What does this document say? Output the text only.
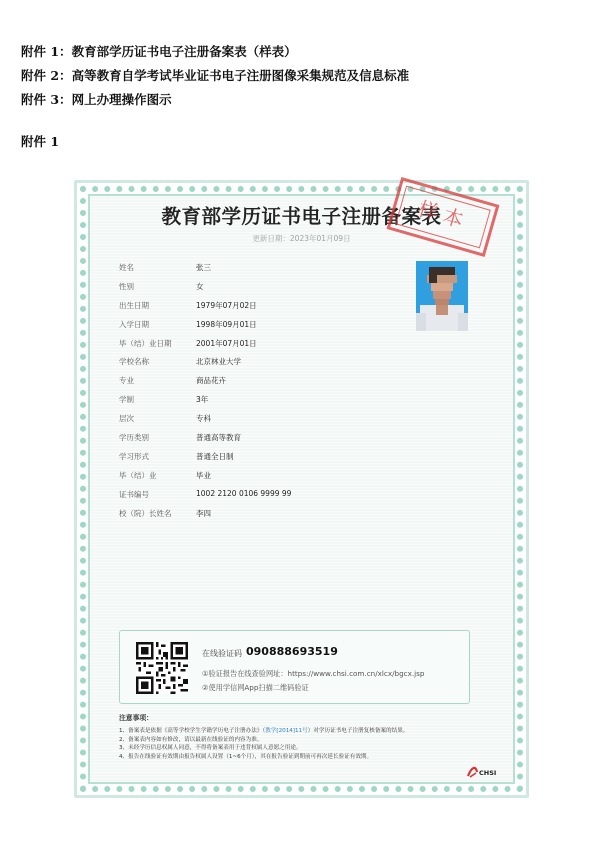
附件 1：教育部学历证书电子注册备案表（样表）
附件 2：高等教育自学考试毕业证书电子注册图像采集规范及信息标准
附件 3：网上办理操作图示
附件 1
教育部学历证书电子注册备案表
样本
更新日期：2023年01月09日
姓名	张三
性别	女
出生日期	1979年07月02日
入学日期	1998年09月01日
毕（结）业日期	2001年07月01日
学校名称	北京林业大学
专业	商品花卉
学制	3年
层次	专科
学历类别	普通高等教育
学习形式	普通全日制
毕（结）业	毕业
证书编号	1002 2120 0106 9999 99
校（院）长姓名	李四
在线验证码 090888693519
①验证报告在线查验网址：https://www.chsi.com.cn/xlcx/bgcx.jsp
②使用学信网App扫描二维码验证
注意事项：
1、备案表是依据《高等学校学生学籍学历电子注册办法》（教学[2014]11号）对学历证书电子注册复核备案的结果。
2、备案表内容如有修改，请以最新在线验证的内容为准。
3、未经学历信息权属人同意，不得将备案表用于违背权属人意愿之用途。
4、报告在线验证有效期由报告权属人设置（1~6个月），其在报告验证到期前可再次延长验证有效期。
CHSI
